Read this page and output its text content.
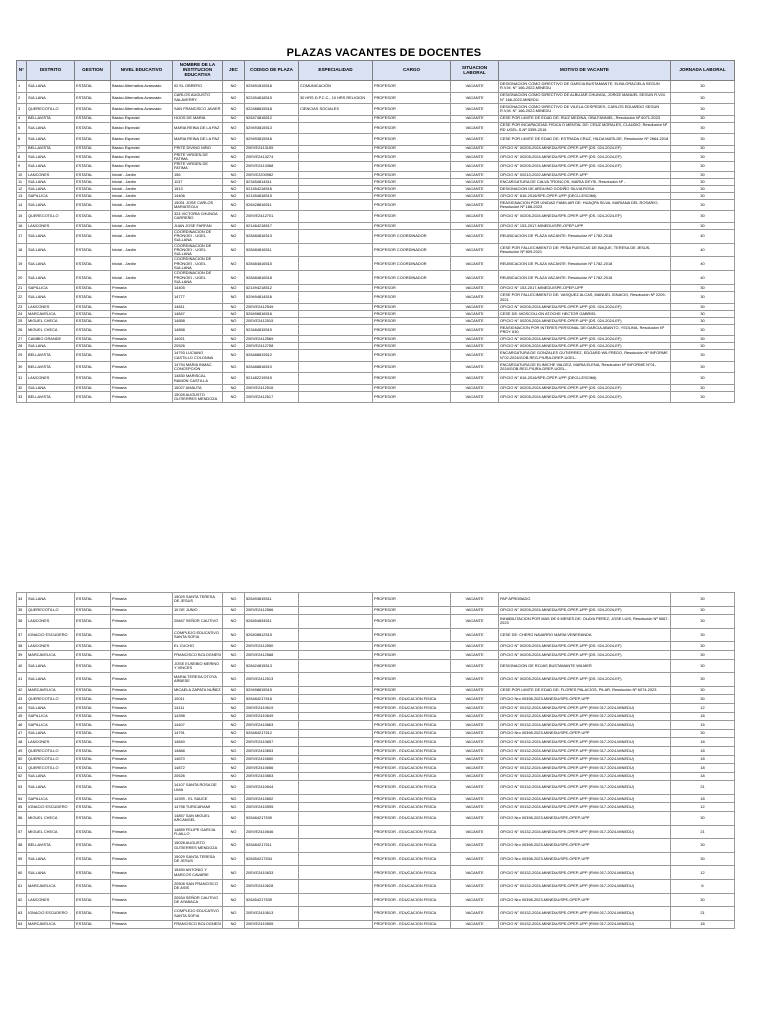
PLAZAS VACANTES DE DOCENTES
N°	DISTRITO	GESTION	NIVEL EDUCATIVO	NOMBRE DE LA INSTITUCION EDUCATIVA	JEC	CODIGO DE PLAZA	ESPECIALIDAD	CARGO	SITUACION LABORAL	MOTIVO DE VACANTE	JORNADA LABORAL
1	SULLANA	ESTATAL	Básico Alternativa-Avanzado	02 EL OBRERO	NO	529491815516	COMUNICACIÓN	PROFESOR	VACANTE	DESIGNACION COMO DIRECTIVO DE GARCIA BUSTAMANTE, ELBA GRACIELA SEGUN R.V.M. N° 166-2022-MINEDU	30
2	SULLANA	ESTATAL	Básico Alternativa-Avanzado	CARLOS AUGUSTO SALAVERRY	NO	522454818515	30 HRS D.P.C.C., 10 HRS RELIGION	PROFESOR	VACANTE	DESIGNACION COMO DIRECTIVO DE ALBUJAR CHUNGA, JORGE MANUEL SEGUN R.V.M. N° 166-2022-MINEDU	30
3	QUERECOTILLO	ESTATAL	Básico Alternativa-Avanzado	SAN FRANCISCO JAVIER	NO	522488815518	CIENCIAS SOCIALES	PROFESOR	VACANTE	DESIGNACION COMO DIRECTIVO DE VILELA CESPEDES, CARLOS EDUARDO SEGUN R.V.M. N° 166-2022-MINEDU	30
4	BELLAVISTA	ESTATAL	Básico Especial	HIJOS DE MARIA	NO	526474816512		PROFESOR	VACANTE	CESE POR LIMITE DE EDAD DE: RUIZ MEDINA, OBA FANNIEL, Resolución Nº 6071-2023	30
5	SULLANA	ESTATAL	Básico Especial	MARIA REINA DE LA PAZ	NO	529493815513		PROFESOR	VACANTE	CESE POR INCAPACIDAD FISICA O MENTAL DE: CRUZ MORALES, CLAUDIO, Resolución Nº RD UGEL-S-Nº 3395-2016	30
6	SULLANA	ESTATAL	Básico Especial	MARIA REINA DE LA PAZ	NO	529493815516		PROFESOR	VACANTE	CESE POR LIMITE DE EDAD DE: ESTRADA CRUZ, HILDA MATILDE, Resolución Nº 2664-2018	30
7	BELLAVISTA	ESTATAL	Básico Especial	PRITE DIVINO NIÑO	NO	20EVE2413155		PROFESOR	VACANTE	OFICIO N° 00205-2024-MINEDU/SPE-OPEP-UPP (DS. 024-2024-EF)	30
8	SULLANA	ESTATAL	Básico Especial	PRITE VIRGEN DE FATIMA	NO	20EVE2413274		PROFESOR	VACANTE	OFICIO N° 00205-2024-MINEDU/SPE-OPEP-UPP (DS. 024-2024-EF)	30
9	SULLANA	ESTATAL	Básico Especial	PRITE VIRGEN DE FATIMA	NO	20EVE2413368		PROFESOR	VACANTE	OFICIO N° 00205-2024-MINEDU/SPE-OPEP-UPP (DS. 024-2024-EF)	30
10	LANCONES	ESTATAL	Inicial - Jardín	156	NO	20EVE2200982		PROFESOR	VACANTE	OFICIO N° 00210-2022-MINEDU/SPE-OPEP-UPP	30
11	SULLANA	ESTATAL	Inicial - Jardín	1137	NO	523454814511		PROFESOR	VACANTE	ENCARGATURA DE CALVA TRONCOS, MARIA DEYSI, Resolución Nº -	30
12	SULLANA	ESTATAL	Inicial - Jardín	1513	NO	521454218516		PROFESOR	VACANTE	DESIGNACION DE ARDUINO GODIÑO SILVIA ROSA	30
13	SAPILLICA	ESTATAL	Inicial - Jardín	14406	NO	521454818515		PROFESOR	VACANTE	OFICIO N° 816-2016/SPE-OPEP-UPP (DECLLESOI66)	30
14	SULLANA	ESTATAL	Inicial - Jardín	15051 JOSE CARLOS MARIATEGUI	NO	526428816511		PROFESOR	VACANTE	REASIGNACION POR UNIDAD FAMILIAR DE: HUAQPA SILVA, MARIANA DEL ROSARIO, Resolución Nº 188-2023	30
15	QUERECOTILLO	ESTATAL	Inicial - Jardín	324 VICTORIA CHUNGA CARREÑO	NO	20EVE2412701		PROFESOR	VACANTE	OFICIO N° 00205-2024-MINEDU/SPE-OPEP-UPP (DS. 024-2024-EF)	30
16	LANCONES	ESTATAL	Inicial - Jardín	JUAN JOSE FARFAN	NO	521464218517		PROFESOR	VACANTE	OFICIO N° 153-2017-MINEDU/SPE-OPEP-UPP	30
17	SULLANA	ESTATAL	Inicial - Jardín	COORDINACION DE PRONOEI - UGEL SULLANA	NO	528484816513		PROFESOR COORDINADOR	VACANTE	REUBICACION DE PLAZA VACANTE: Resolución Nº 1782-2018	40
18	SULLANA	ESTATAL	Inicial - Jardín	COORDINACION DE PRONOEI - UGEL SULLANA	NO	528484816511		PROFESOR COORDINADOR	VACANTE	CESE POR FALLECIMIENTO DE: PEÑA PUESCAS DE BAQUE, TERESA DE JESUS, Resolución Nº 809-2021	40
19	SULLANA	ESTATAL	Inicial - Jardín	COORDINACION DE PRONOEI - UGEL SULLANA	NO	528484816515		PROFESOR COORDINADOR	VACANTE	REUBICACION DE PLAZA VACANTE: Resolución Nº 1782-2018	40
20	SULLANA	ESTATAL	Inicial - Jardín	COORDINACION DE PRONOEI - UGEL SULLANA	NO	528484816518		PROFESOR COORDINADOR	VACANTE	REUBICACION DE PLAZA VACANTE: Resolución Nº 1782-2018	40
21	SAPILLICA	ESTATAL	Primaria	14405	NO	521494218512		PROFESOR	VACANTE	OFICIO N° 153-2017-MINEDU/SPE-OPEP-UPP	30
22	SULLANA	ESTATAL	Primaria	14777	NO	529494814516		PROFESOR	VACANTE	CESE POR FALLECIMIENTO DE: VASQUEZ ALCAS, MANUEL IGNACIO, Resolución Nº 2209-2021	30
23	LANCONES	ESTATAL	Primaria	14811	NO	20EVE2412549		PROFESOR	VACANTE	OFICIO N° 00205-2024-MINEDU/SPE-OPEP-UPP (DS. 024-2024-EF)	30
24	MARCAVELICA	ESTATAL	Primaria	14847	NO	526498816516		PROFESOR	VACANTE	CESE DE: MOSCOLLON ATOCHE HECTOR GABRIEL	30
25	MIGUEL CHECA	ESTATAL	Primaria	14858	NO	20EVE2412515		PROFESOR	VACANTE	OFICIO N° 00205-2024-MINEDU/SPE-OPEP-UPP (DS. 024-2024-EF)	30
26	MIGUEL CHECA	ESTATAL	Primaria	14858	NO	523484815519		PROFESOR	VACANTE	REASIGNACION POR INTERES PERSONAL DE:GARCIA ABANTO, YSOLINA, Resolución Nº PROY 630	30
27	CAMBIO GRANDE	ESTATAL	Primaria	14921	NO	20EVE2412569		PROFESOR	VACANTE	OFICIO N° 00205-2024-MINEDU/SPE-OPEP-UPP (DS. 024-2024-EF)	30
28	SULLANA	ESTATAL	Primaria	20526	NO	20EVE2412758		PROFESOR	VACANTE	OFICIO N° 00205-2024-MINEDU/SPE-OPEP-UPP (DS. 024-2024-EF)	30
29	BELLAVISTA	ESTATAL	Primaria	14793 LUCIANO CASTILLO COLONNA	NO	526488819512		PROFESOR	VACANTE	ENCARGATURA DE GONZALES GUTIERREZ, EDGARD WILFREDO, Resolución Nº INFORME N°02-2024/GOB.REG-PIURA-DREP-UGEL-	30
30	BELLAVISTA	ESTATAL	Primaria	14794 MARIA INMAC. CONCEPCION	NO	526488816510		PROFESOR	VACANTE	ENCARGATURA DE ELIMICHE VALDEZ, MARIA ELENA, Resolución Nº INFORME N°01-2024/GOB.REG-PIURA-DREP-UGEL-	30
31	LANCONES	ESTATAL	Primaria	14830 MARISCAL RAMON CASTILLA	NO	521482219515		PROFESOR	VACANTE	OFICIO N° 816-2016/SPE-OPEP-UPP (DECLLESOI66)	30
32	SULLANA	ESTATAL	Primaria	15027 AMAUTA	NO	20EVE2412516		PROFESOR	VACANTE	OFICIO N° 00205-2024-MINEDU/SPE-OPEP-UPP (DS. 024-2024-EF)	30
33	BELLAVISTA	ESTATAL	Primaria	15028 AUGUSTO GUTIERRES MENDOZA	NO	20EVE2412517		PROFESOR	VACANTE	OFICIO N° 00205-2024-MINEDU/SPE-OPEP-UPP (DS. 024-2024-EF)	30
34	SULLANA	ESTATAL	Primaria	15029 SANTA TERESA DE JESUS	NO	526493815511		PROFESOR	VACANTE	PAP APROBADO	30
35	QUERECOTILLO	ESTATAL	Primaria	19 DE JUNIO	NO	20EVE2412566		PROFESOR	VACANTE	OFICIO N° 00205-2024-MINEDU/SPE-OPEP-UPP (DS. 024-2024-EF)	30
36	LANCONES	ESTATAL	Primaria	20847 SEÑOR CAUTIVO	NO	526454834511		PROFESOR	VACANTE	INHABILITACION POR MAS DE 6 MESES DE: OLAYA PEREZ, JOSE LUIS, Resolución Nº 5067-2023	30
37	IGNACIO ESCUDERO	ESTATAL	Primaria	COMPLEJO EDUCATIVO SANTA SOFIA	NO	526408812515		PROFESOR	VACANTE	CESE DE: CHERO NAVARRO MARIA VENERANDA	30
38	LANCONES	ESTATAL	Primaria	EL CUCHO	NO	20EVE2412550		PROFESOR	VACANTE	OFICIO N° 00205-2024-MINEDU/SPE-OPEP-UPP (DS. 024-2024-EF)	30
39	MARCAVELICA	ESTATAL	Primaria	FRANCISCO BOLOGNESI	NO	20EVE2412588		PROFESOR	VACANTE	OFICIO N° 00205-2024-MINEDU/SPE-OPEP-UPP (DS. 024-2024-EF)	30
40	SULLANA	ESTATAL	Primaria	JOSE EUSEBIO MERINO Y VINCES	NO	528424815513		PROFESOR	VACANTE	DESIGNACION DE ROJAS BUSTAMANTE WILMER	30
41	SULLANA	ESTATAL	Primaria	MARIA TERESA OTOYA ARBESE	NO	20EVE2412513		PROFESOR	VACANTE	OFICIO N° 00205-2024-MINEDU/SPE-OPEP-UPP (DS. 024-2024-EF)	30
42	MARCAVELICA	ESTATAL	Primaria	MICAELA ZAPATA NUÑEZ	NO	529498815515		PROFESOR	VACANTE	CESE POR LIMITE DE EDAD DE: FLORES PALACIOS, PILAR, Resolución Nº 6074-2023	30
43	QUERECOTILLO	ESTATAL	Primaria	10011	NO	526484217516		PROFESOR - EDUCACION FISICA	VACANTE	OFICIO Nro 00398-2023-MINEDU/SPE-OPEP-UPP	30
44	SULLANA	ESTATAL	Primaria	14111	NO	20EVE2410619		PROFESOR - EDUCACION FISICA	VACANTE	OFICIO N° 00132-2024-MINEDU/SPE-OPEP-UPP (RVM 017-2024-MINEDU)	12
45	SAPILLICA	ESTATAL	Primaria	14398	NO	20EVE2410649		PROFESOR - EDUCACION FISICA	VACANTE	OFICIO N° 00132-2024-MINEDU/SPE-OPEP-UPP (RVM 017-2024-MINEDU)	18
46	SAPILLICA	ESTATAL	Primaria	14407	NO	20EVE2410663		PROFESOR - EDUCACION FISICA	VACANTE	OFICIO N° 00132-2024-MINEDU/SPE-OPEP-UPP (RVM 017-2024-MINEDU)	15
47	SULLANA	ESTATAL	Primaria	14791	NO	526484217512		PROFESOR - EDUCACION FISICA	VACANTE	OFICIO Nro 00398-2023-MINEDU/SPE-OPEP-UPP	30
48	LANCONES	ESTATAL	Primaria	14840	NO	20EVE2410657		PROFESOR - EDUCACION FISICA	VACANTE	OFICIO N° 00132-2024-MINEDU/SPE-OPEP-UPP (RVM 017-2024-MINEDU)	18
49	QUERECOTILLO	ESTATAL	Primaria	14868	NO	20EVE2410653		PROFESOR - EDUCACION FISICA	VACANTE	OFICIO N° 00132-2024-MINEDU/SPE-OPEP-UPP (RVM 017-2024-MINEDU)	18
50	QUERECOTILLO	ESTATAL	Primaria	14870	NO	20EVE2410650		PROFESOR - EDUCACION FISICA	VACANTE	OFICIO N° 00132-2024-MINEDU/SPE-OPEP-UPP (RVM 017-2024-MINEDU)	18
51	QUERECOTILLO	ESTATAL	Primaria	14872	NO	20EVE2410656		PROFESOR - EDUCACION FISICA	VACANTE	OFICIO N° 00132-2024-MINEDU/SPE-OPEP-UPP (RVM 017-2024-MINEDU)	18
52	SULLANA	ESTATAL	Primaria	20526	NO	20EVE2410663		PROFESOR - EDUCACION FISICA	VACANTE	OFICIO N° 00132-2024-MINEDU/SPE-OPEP-UPP (RVM 017-2024-MINEDU)	18
53	SULLANA	ESTATAL	Primaria	14107 SANTA ROSA DE LIMA	NO	20EVE2410644		PROFESOR - EDUCACION FISICA	VACANTE	OFICIO N° 00132-2024-MINEDU/SPE-OPEP-UPP (RVM 017-2024-MINEDU)	21
54	SAPILLICA	ESTATAL	Primaria	14399 - EL SAUCE	NO	20EVE2410652		PROFESOR - EDUCACION FISICA	VACANTE	OFICIO N° 00132-2024-MINEDU/SPE-OPEP-UPP (RVM 017-2024-MINEDU)	18
55	IGNACIO ESCUDERO	ESTATAL	Primaria	14798 TURICARAMI	NO	20EVE2410595		PROFESOR - EDUCACION FISICA	VACANTE	OFICIO N° 00132-2024-MINEDU/SPE-OPEP-UPP (RVM 017-2024-MINEDU)	12
56	MIGUEL CHECA	ESTATAL	Primaria	14857 SAN MIGUEL ARCANGEL	NO	526484217539		PROFESOR - EDUCACION FISICA	VACANTE	OFICIO Nro 00398-2023-MINEDU/SPE-OPEP-UPP	30
57	MIGUEL CHECA	ESTATAL	Primaria	14859 FELIPE GARCIA FLAILLO	NO	20EVE2410646		PROFESOR - EDUCACION FISICA	VACANTE	OFICIO N° 00132-2024-MINEDU/SPE-OPEP-UPP (RVM 017-2024-MINEDU)	21
58	BELLAVISTA	ESTATAL	Primaria	15028 AUGUSTO GUTIERRES MENDOZA	NO	526484217511		PROFESOR - EDUCACION FISICA	VACANTE	OFICIO Nro 00398-2023-MINEDU/SPE-OPEP-UPP	30
59	SULLANA	ESTATAL	Primaria	15029 SANTA TERESA DE JESUS	NO	526454217534		PROFESOR - EDUCACION FISICA	VACANTE	OFICIO Nro 00398-2023-MINEDU/SPE-OPEP-UPP	30
60	SULLANA	ESTATAL	Primaria	15450 ANTONIO Y MARCOS CAVARIE	NO	20EVE2410633		PROFESOR - EDUCACION FISICA	VACANTE	OFICIO N° 00132-2024-MINEDU/SPE-OPEP-UPP (RVM 017-2024-MINEDU)	12
61	MARCAVELICA	ESTATAL	Primaria	20508 SAN FRANCISCO DE ASIS	NO	20EVE2410628		PROFESOR - EDUCACION FISICA	VACANTE	OFICIO N° 00132-2024-MINEDU/SPE-OPEP-UPP (RVM 017-2024-MINEDU)	6
62	LANCONES	ESTATAL	Primaria	20534 SEÑOR CAUTIVO DE AYABACA	NO	526454217539		PROFESOR - EDUCACION FISICA	VACANTE	OFICIO Nro 00398-2023-MINEDU/SPE-OPEP-UPP	30
63	IGNACIO ESCUDERO	ESTATAL	Primaria	COMPLEJO EDUCATIVO SANTA SOFIA	NO	20EVE2410613		PROFESOR - EDUCACION FISICA	VACANTE	OFICIO N° 00132-2024-MINEDU/SPE-OPEP-UPP (RVM 017-2024-MINEDU)	21
64	MARCAVELICA	ESTATAL	Primaria	FRANCISCO BOLOGNESI	NO	20EVE2410655		PROFESOR - EDUCACION FISICA	VACANTE	OFICIO N° 00132-2024-MINEDU/SPE-OPEP-UPP (RVM 017-2024-MINEDU)	18
